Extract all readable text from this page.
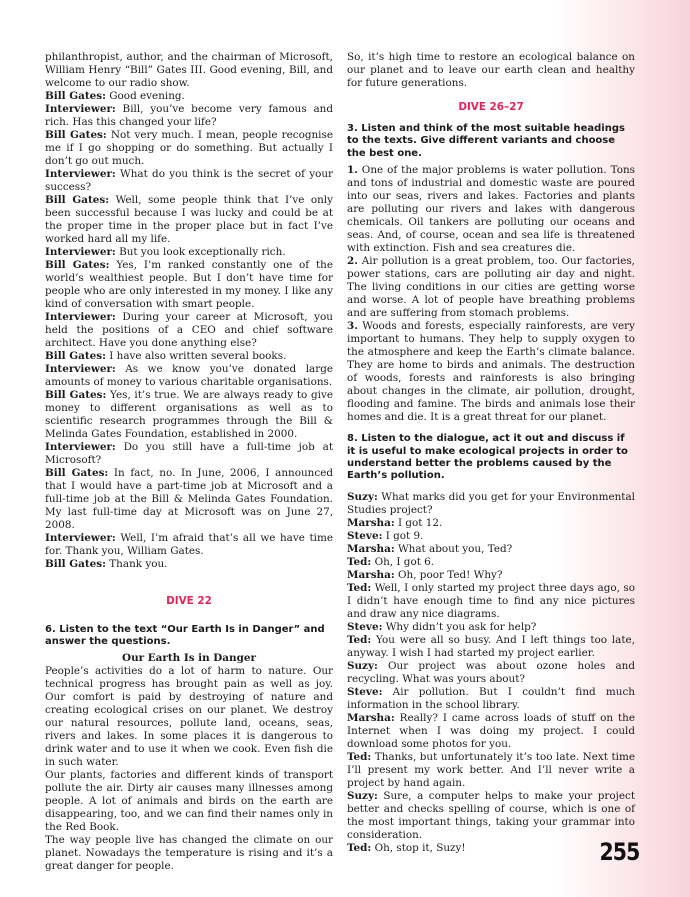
philanthropist, author, and the chairman of Microsoft, William Henry “Bill” Gates III. Good evening, Bill, and welcome to our radio show.

Bill Gates: Good evening.

Interviewer: Bill, you’ve become very famous and rich. Has this changed your life?

Bill Gates: Not very much. I mean, people recognise me if I go shopping or do something. But actually I don’t go out much.

Interviewer: What do you think is the secret of your success?

Bill Gates: Well, some people think that I’ve only been successful because I was lucky and could be at the proper time in the proper place but in fact I’ve worked hard all my life.

Interviewer: But you look exceptionally rich.

Bill Gates: Yes, I’m ranked constantly one of the world’s wealthiest people. But I don’t have time for people who are only interested in my money. I like any kind of conversation with smart people.

Interviewer: During your career at Microsoft, you held the positions of a CEO and chief software architect. Have you done anything else?

Bill Gates: I have also written several books.

Interviewer: As we know you’ve donated large amounts of money to various charitable organisations.

Bill Gates: Yes, it’s true. We are always ready to give money to different organisations as well as to scientific research programmes through the Bill & Melinda Gates Foundation, established in 2000.

Interviewer: Do you still have a full-time job at Microsoft?

Bill Gates: In fact, no. In June, 2006, I announced that I would have a part-time job at Microsoft and a full-time job at the Bill & Melinda Gates Foundation. My last full-time day at Microsoft was on June 27, 2008.

Interviewer: Well, I’m afraid that’s all we have time for. Thank you, William Gates.

Bill Gates: Thank you.

DIVE 22

6. Listen to the text “Our Earth Is in Danger” and answer the questions.

Our Earth Is in Danger

People’s activities do a lot of harm to nature. Our technical progress has brought pain as well as joy. Our comfort is paid by destroying of nature and creating ecological crises on our planet. We destroy our natural resources, pollute land, oceans, seas, rivers and lakes. In some places it is dangerous to drink water and to use it when we cook. Even fish die in such water.

Our plants, factories and different kinds of transport pollute the air. Dirty air causes many illnesses among people. A lot of animals and birds on the earth are disappearing, too, and we can find their names only in the Red Book.

The way people live has changed the climate on our planet. Nowadays the temperature is rising and it’s a great danger for people.

So, it’s high time to restore an ecological balance on our planet and to leave our earth clean and healthy for future generations.

DIVE 26–27

3. Listen and think of the most suitable headings to the texts. Give different variants and choose the best one.

1. One of the major problems is water pollution. Tons and tons of industrial and domestic waste are poured into our seas, rivers and lakes. Factories and plants are polluting our rivers and lakes with dangerous chemicals. Oil tankers are polluting our oceans and seas. And, of course, ocean and sea life is threatened with extinction. Fish and sea creatures die.

2. Air pollution is a great problem, too. Our factories, power stations, cars are polluting air day and night. The living conditions in our cities are getting worse and worse. A lot of people have breathing problems and are suffering from stomach problems.

3. Woods and forests, especially rainforests, are very important to humans. They help to supply oxygen to the atmosphere and keep the Earth’s climate balance. They are home to birds and animals. The destruction of woods, forests and rainforests is also bringing about changes in the climate, air pollution, drought, flooding and famine. The birds and animals lose their homes and die. It is a great threat for our planet.

8. Listen to the dialogue, act it out and discuss if it is useful to make ecological projects in order to understand better the problems caused by the Earth’s pollution.

Suzy: What marks did you get for your Environmental Studies project?

Marsha: I got 12.

Steve: I got 9.

Marsha: What about you, Ted?

Ted: Oh, I got 6.

Marsha: Oh, poor Ted! Why?

Ted: Well, I only started my project three days ago, so I didn’t have enough time to find any nice pictures and draw any nice diagrams.

Steve: Why didn’t you ask for help?

Ted: You were all so busy. And I left things too late, anyway. I wish I had started my project earlier.

Suzy: Our project was about ozone holes and recycling. What was yours about?

Steve: Air pollution. But I couldn’t find much information in the school library.

Marsha: Really? I came across loads of stuff on the Internet when I was doing my project. I could download some photos for you.

Ted: Thanks, but unfortunately it’s too late. Next time I’ll present my work better. And I’ll never write a project by hand again.

Suzy: Sure, a computer helps to make your project better and checks spelling of course, which is one of the most important things, taking your grammar into consideration.

Ted: Oh, stop it, Suzy!	255
